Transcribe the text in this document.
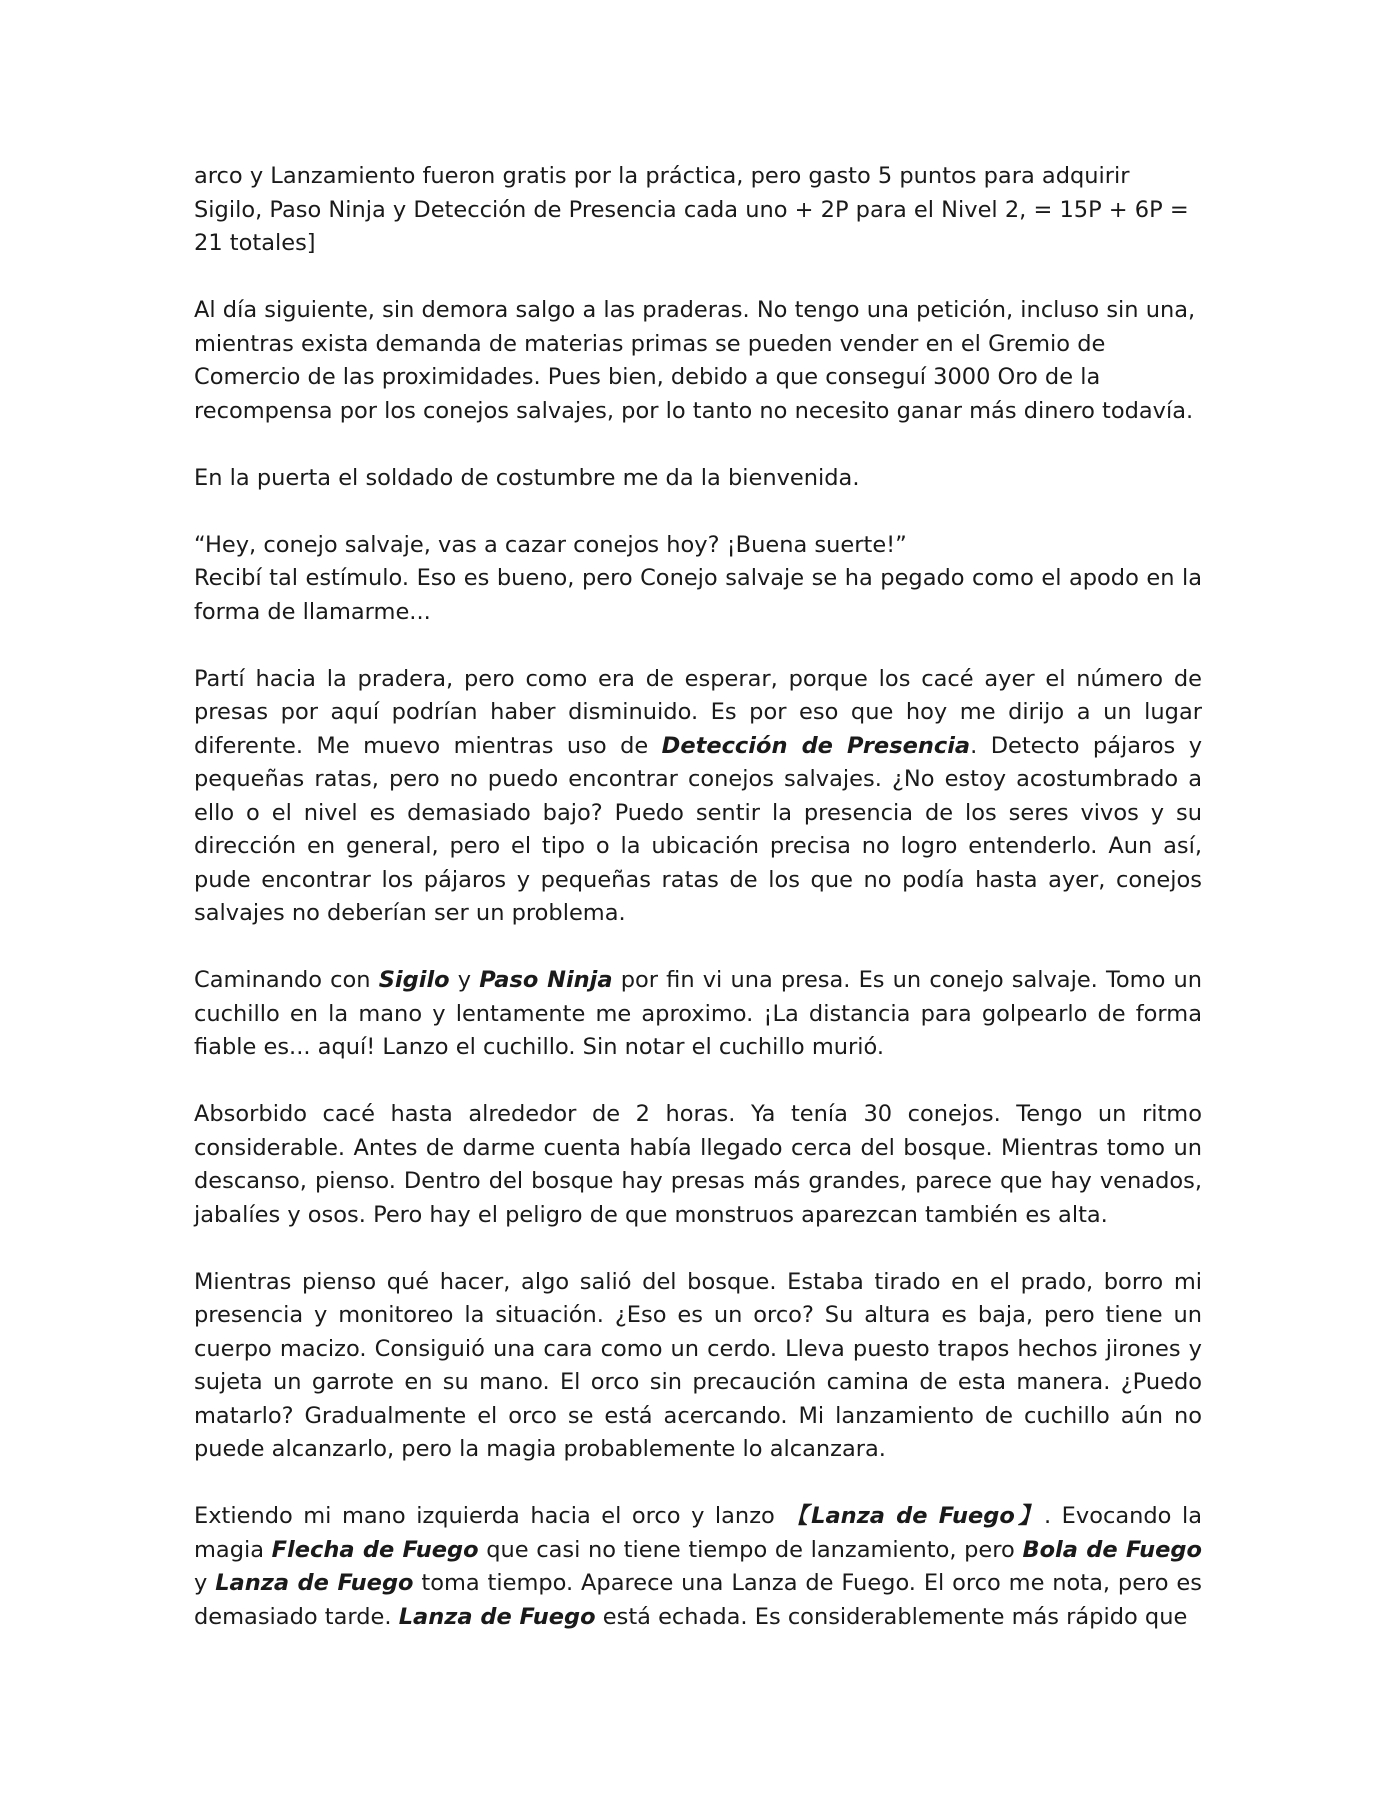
arco y Lanzamiento fueron gratis por la práctica, pero gasto 5 puntos para adquirir Sigilo, Paso Ninja y Detección de Presencia cada uno + 2P para el Nivel 2, = 15P + 6P = 21 totales]

Al día siguiente, sin demora salgo a las praderas. No tengo una petición, incluso sin una, mientras exista demanda de materias primas se pueden vender en el Gremio de Comercio de las proximidades. Pues bien, debido a que conseguí 3000 Oro de la recompensa por los conejos salvajes, por lo tanto no necesito ganar más dinero todavía.

En la puerta el soldado de costumbre me da la bienvenida.

“Hey, conejo salvaje, vas a cazar conejos hoy? ¡Buena suerte!”

Recibí tal estímulo. Eso es bueno, pero Conejo salvaje se ha pegado como el apodo en la forma de llamarme...

Partí hacia la pradera, pero como era de esperar, porque los cacé ayer el número de presas por aquí podrían haber disminuido. Es por eso que hoy me dirijo a un lugar diferente. Me muevo mientras uso de Detección de Presencia. Detecto pájaros y pequeñas ratas, pero no puedo encontrar conejos salvajes. ¿No estoy acostumbrado a ello o el nivel es demasiado bajo? Puedo sentir la presencia de los seres vivos y su dirección en general, pero el tipo o la ubicación precisa no logro entenderlo. Aun así, pude encontrar los pájaros y pequeñas ratas de los que no podía hasta ayer, conejos salvajes no deberían ser un problema.

Caminando con Sigilo y Paso Ninja por fin vi una presa. Es un conejo salvaje. Tomo un cuchillo en la mano y lentamente me aproximo. ¡La distancia para golpearlo de forma fiable es... aquí! Lanzo el cuchillo. Sin notar el cuchillo murió.

Absorbido cacé hasta alrededor de 2 horas. Ya tenía 30 conejos. Tengo un ritmo considerable. Antes de darme cuenta había llegado cerca del bosque. Mientras tomo un descanso, pienso. Dentro del bosque hay presas más grandes, parece que hay venados, jabalíes y osos. Pero hay el peligro de que monstruos aparezcan también es alta.

Mientras pienso qué hacer, algo salió del bosque. Estaba tirado en el prado, borro mi presencia y monitoreo la situación. ¿Eso es un orco? Su altura es baja, pero tiene un cuerpo macizo. Consiguió una cara como un cerdo. Lleva puesto trapos hechos jirones y sujeta un garrote en su mano. El orco sin precaución camina de esta manera. ¿Puedo matarlo? Gradualmente el orco se está acercando. Mi lanzamiento de cuchillo aún no puede alcanzarlo, pero la magia probablemente lo alcanzara.

Extiendo mi mano izquierda hacia el orco y lanzo 【Lanza de Fuego】. Evocando la magia Flecha de Fuego que casi no tiene tiempo de lanzamiento, pero Bola de Fuego y Lanza de Fuego toma tiempo. Aparece una Lanza de Fuego. El orco me nota, pero es demasiado tarde. Lanza de Fuego está echada. Es considerablemente más rápido que
